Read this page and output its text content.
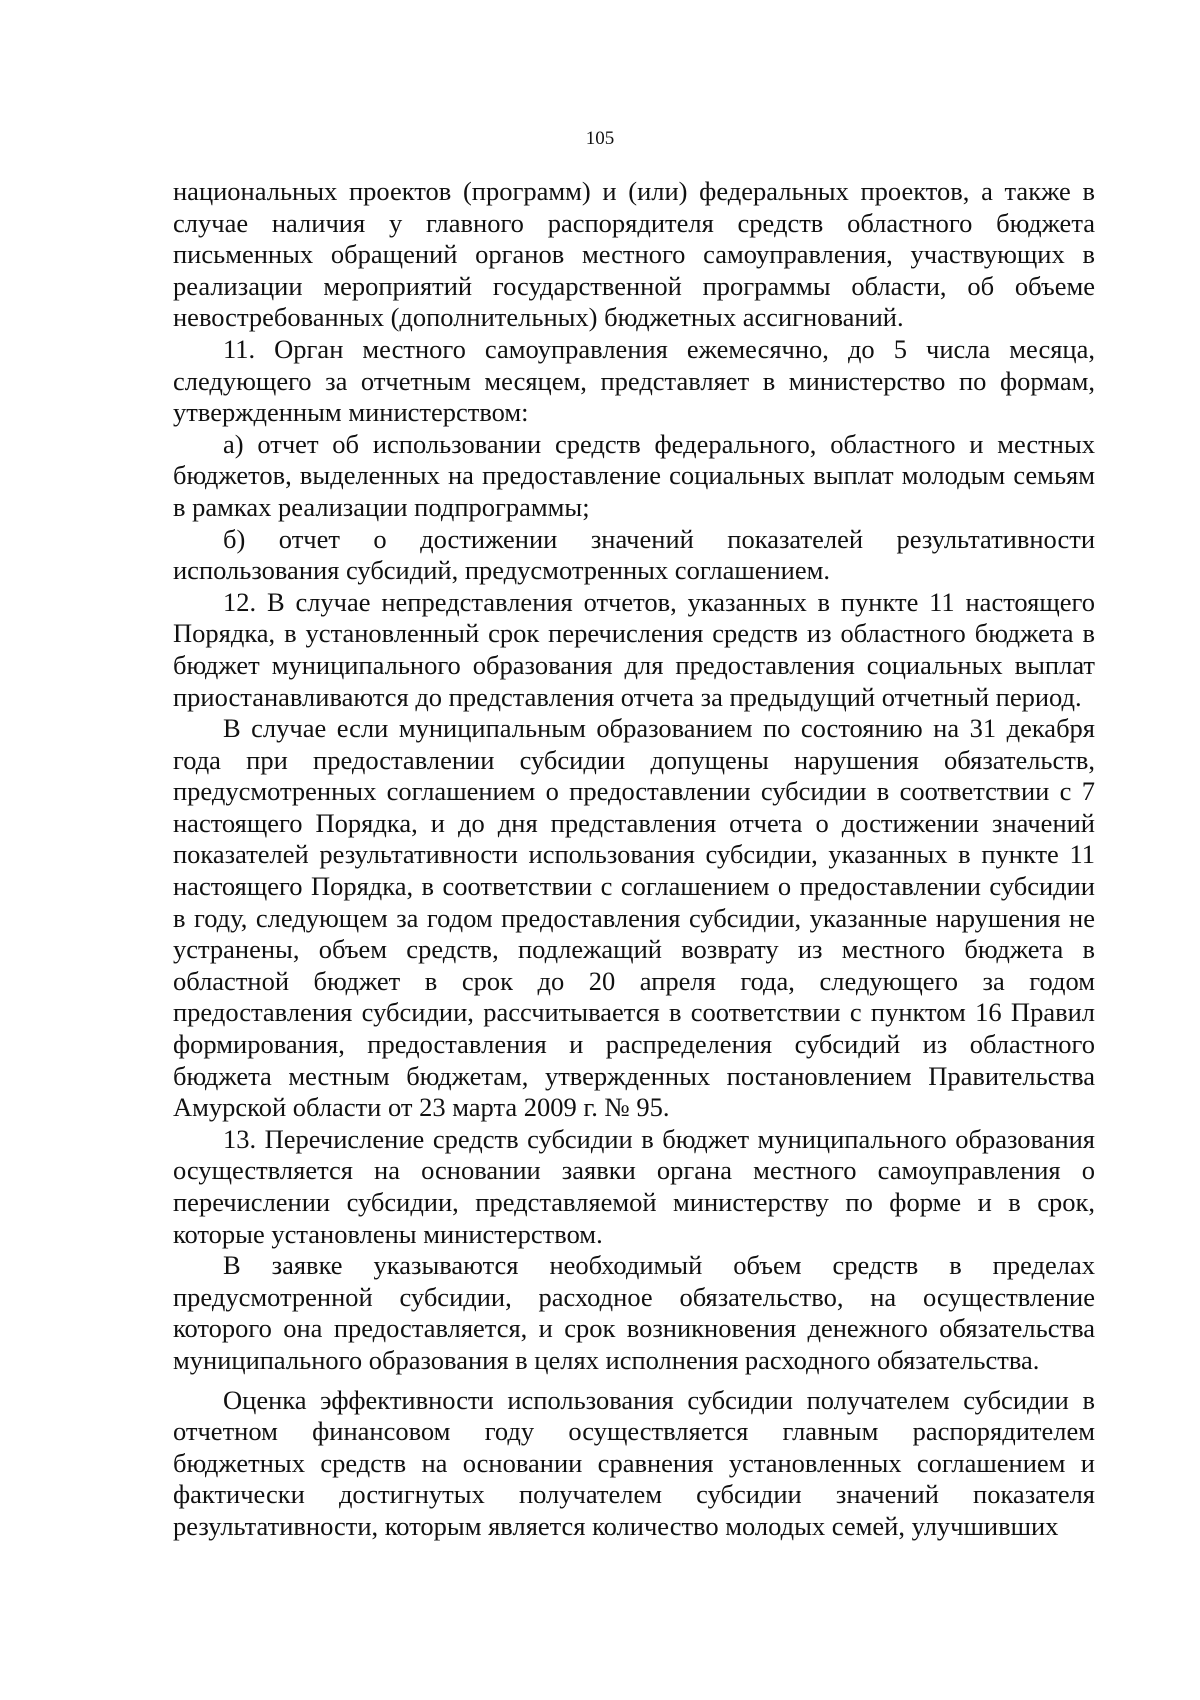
105

национальных проектов (программ) и (или) федеральных проектов, а также в случае наличия у главного распорядителя средств областного бюджета письменных обращений органов местного самоуправления, участвующих в реализации мероприятий государственной программы области, об объеме невостребованных (дополнительных) бюджетных ассигнований.

11. Орган местного самоуправления ежемесячно, до 5 числа месяца, следующего за отчетным месяцем, представляет в министерство по формам, утвержденным министерством:

а) отчет об использовании средств федерального, областного и местных бюджетов, выделенных на предоставление социальных выплат молодым семьям в рамках реализации подпрограммы;

б) отчет о достижении значений показателей результативности использования субсидий, предусмотренных соглашением.

12. В случае непредставления отчетов, указанных в пункте 11 настоящего Порядка, в установленный срок перечисления средств из областного бюджета в бюджет муниципального образования для предоставления социальных выплат приостанавливаются до представления отчета за предыдущий отчетный период.

В случае если муниципальным образованием по состоянию на 31 декабря года при предоставлении субсидии допущены нарушения обязательств, предусмотренных соглашением о предоставлении субсидии в соответствии с 7 настоящего Порядка, и до дня представления отчета о достижении значений показателей результативности использования субсидии, указанных в пункте 11 настоящего Порядка, в соответствии с соглашением о предоставлении субсидии в году, следующем за годом предоставления субсидии, указанные нарушения не устранены, объем средств, подлежащий возврату из местного бюджета в областной бюджет в срок до 20 апреля года, следующего за годом предоставления субсидии, рассчитывается в соответствии с пунктом 16 Правил формирования, предоставления и распределения субсидий из областного бюджета местным бюджетам, утвержденных постановлением Правительства Амурской области от 23 марта 2009 г. № 95.

13. Перечисление средств субсидии в бюджет муниципального образования осуществляется на основании заявки органа местного самоуправления о перечислении субсидии, представляемой министерству по форме и в срок, которые установлены министерством.

В заявке указываются необходимый объем средств в пределах предусмотренной субсидии, расходное обязательство, на осуществление которого она предоставляется, и срок возникновения денежного обязательства муниципального образования в целях исполнения расходного обязательства.

Оценка эффективности использования субсидии получателем субсидии в отчетном финансовом году осуществляется главным распорядителем бюджетных средств на основании сравнения установленных соглашением и фактически достигнутых получателем субсидии значений показателя результативности, которым является количество молодых семей, улучшивших
